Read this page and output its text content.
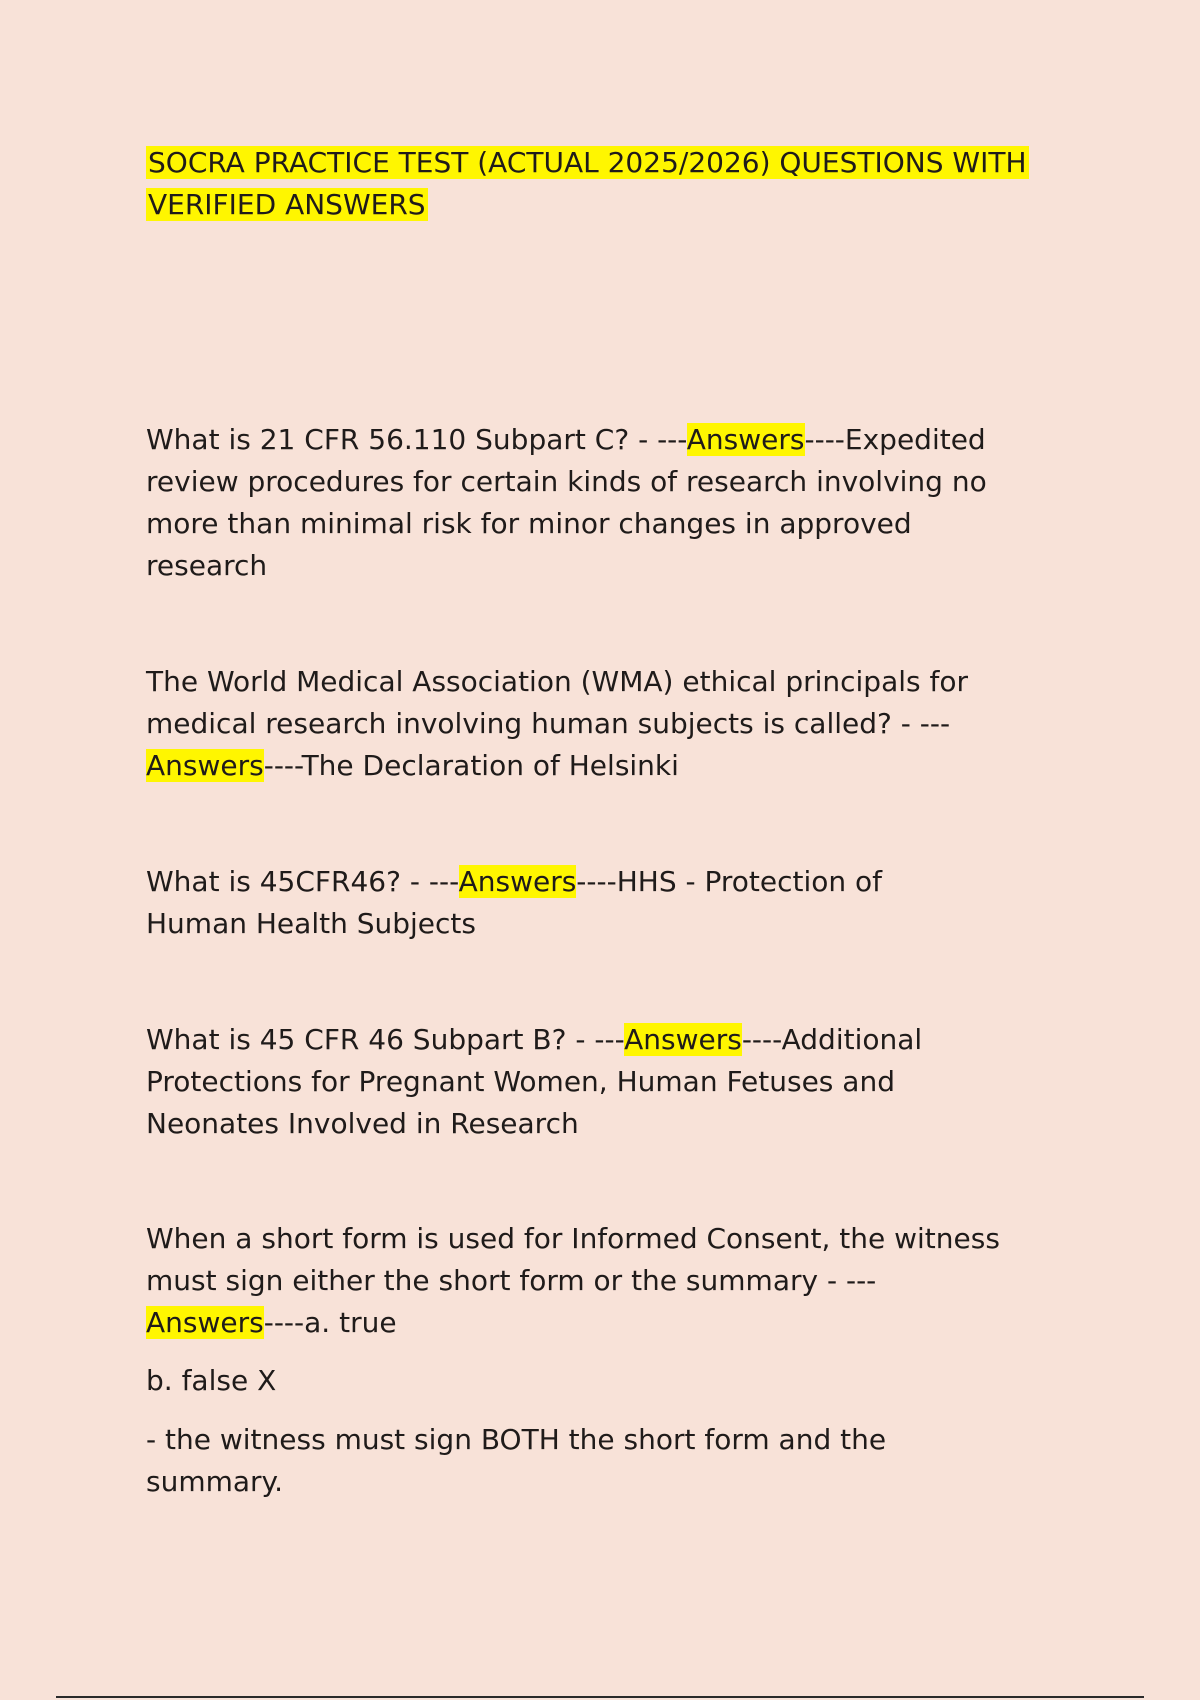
SOCRA PRACTICE TEST (ACTUAL 2025/2026) QUESTIONS WITH
VERIFIED ANSWERS
What is 21 CFR 56.110 Subpart C? - ---Answers----Expedited
review procedures for certain kinds of research involving no
more than minimal risk for minor changes in approved
research
The World Medical Association (WMA) ethical principals for
medical research involving human subjects is called? - ---
Answers----The Declaration of Helsinki
What is 45CFR46? - ---Answers----HHS - Protection of
Human Health Subjects
What is 45 CFR 46 Subpart B? - ---Answers----Additional
Protections for Pregnant Women, Human Fetuses and
Neonates Involved in Research
When a short form is used for Informed Consent, the witness
must sign either the short form or the summary - ---
Answers----a. true
b. false X
- the witness must sign BOTH the short form and the
summary.
